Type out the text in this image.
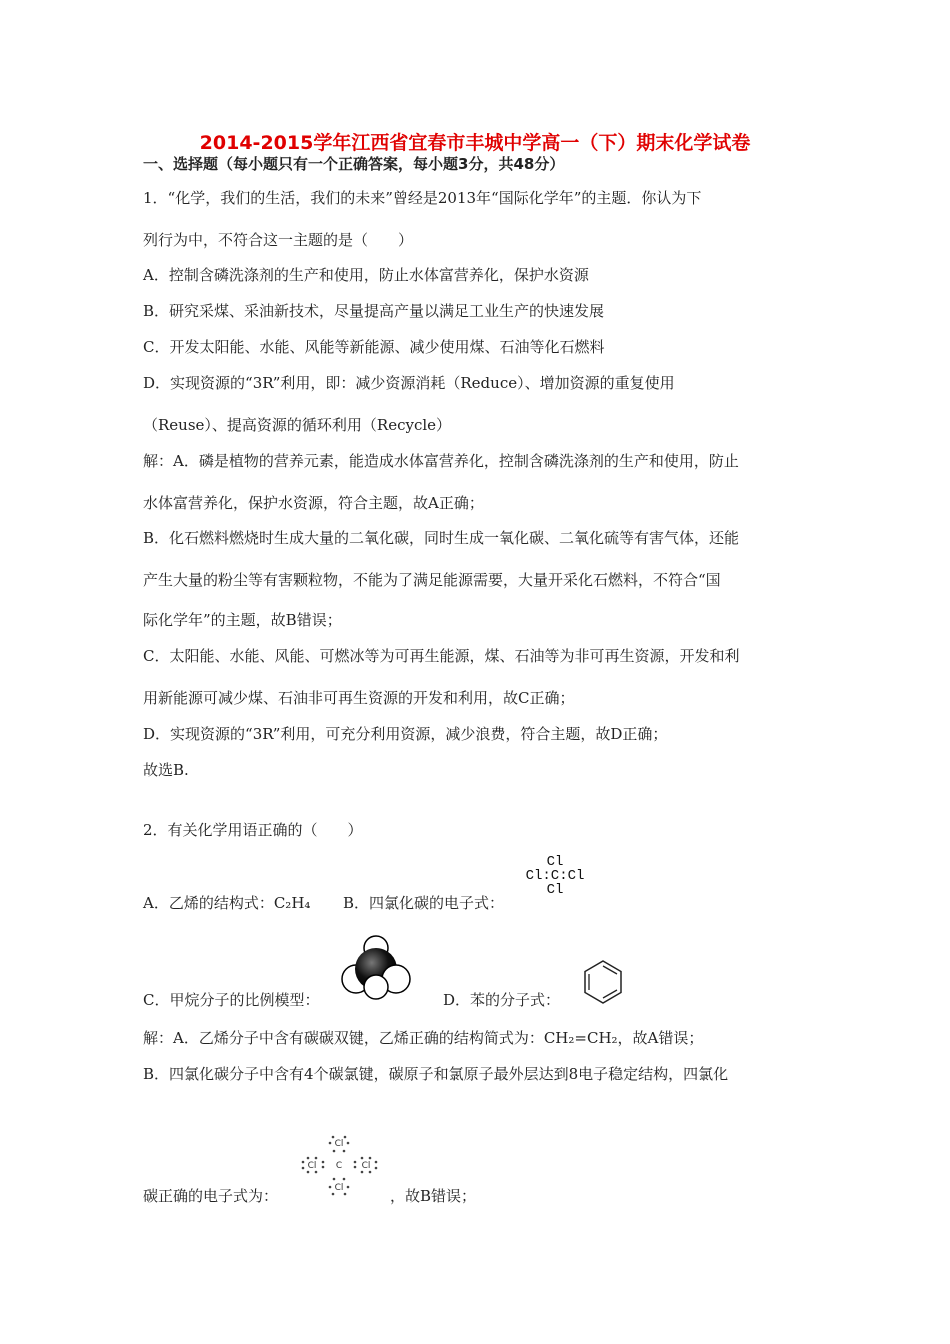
2014-2015学年江西省宜春市丰城中学高一（下）期末化学试卷
一、选择题（每小题只有一个正确答案，每小题3分，共48分）
1．“化学，我们的生活，我们的未来”曾经是2013年“国际化学年”的主题．你认为下
列行为中，不符合这一主题的是（　　）
A．控制含磷洗涤剂的生产和使用，防止水体富营养化，保护水资源
B．研究采煤、采油新技术，尽量提高产量以满足工业生产的快速发展
C．开发太阳能、水能、风能等新能源、减少使用煤、石油等化石燃料
D．实现资源的“3R”利用，即：减少资源消耗（Reduce）、增加资源的重复使用
（Reuse）、提高资源的循环利用（Recycle）
解：A．磷是植物的营养元素，能造成水体富营养化，控制含磷洗涤剂的生产和使用，防止
水体富营养化，保护水资源，符合主题，故A正确；
B．化石燃料燃烧时生成大量的二氧化碳，同时生成一氧化碳、二氧化硫等有害气体，还能
产生大量的粉尘等有害颗粒物，不能为了满足能源需要，大量开采化石燃料，不符合“国
际化学年”的主题，故B错误；
C．太阳能、水能、风能、可燃冰等为可再生能源，煤、石油等为非可再生资源，开发和利
用新能源可减少煤、石油非可再生资源的开发和利用，故C正确；
D．实现资源的“3R”利用，可充分利用资源，减少浪费，符合主题，故D正确；
故选B.
2．有关化学用语正确的（　　）
A．乙烯的结构式：C₂H₄ B．四氯化碳的电子式：
Cl
Cl:C:Cl
Cl
C．甲烷分子的比例模型：	D．苯的分子式：
解：A．乙烯分子中含有碳碳双键，乙烯正确的结构简式为：CH₂=CH₂，故A错误；
B．四氯化碳分子中含有4个碳氯键，碳原子和氯原子最外层达到8电子稳定结构，四氯化
Cl
Cl C Cl
Cl
碳正确的电子式为：	，故B错误；
